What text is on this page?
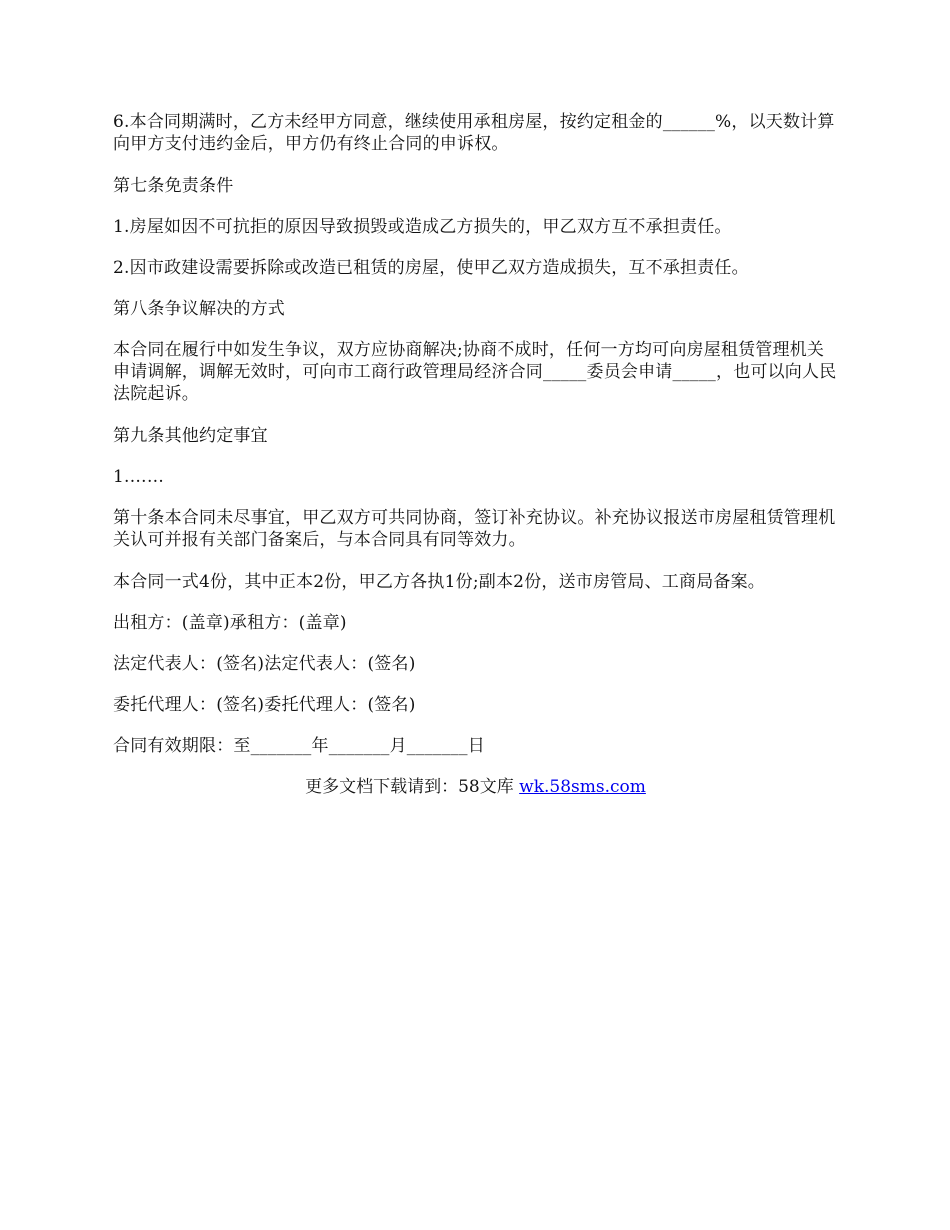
6.本合同期满时，乙方未经甲方同意，继续使用承租房屋，按约定租金的______%，以天数计算向甲方支付违约金后，甲方仍有终止合同的申诉权。

第七条免责条件

1.房屋如因不可抗拒的原因导致损毁或造成乙方损失的，甲乙双方互不承担责任。

2.因市政建设需要拆除或改造已租赁的房屋，使甲乙双方造成损失，互不承担责任。

第八条争议解决的方式

本合同在履行中如发生争议，双方应协商解决;协商不成时，任何一方均可向房屋租赁管理机关申请调解，调解无效时，可向市工商行政管理局经济合同_____委员会申请_____，也可以向人民法院起诉。

第九条其他约定事宜

1.……

第十条本合同未尽事宜，甲乙双方可共同协商，签订补充协议。补充协议报送市房屋租赁管理机关认可并报有关部门备案后，与本合同具有同等效力。

本合同一式4份，其中正本2份，甲乙方各执1份;副本2份，送市房管局、工商局备案。

出租方：(盖章)承租方：(盖章)

法定代表人：(签名)法定代表人：(签名)

委托代理人：(签名)委托代理人：(签名)

合同有效期限：至_______年_______月_______日

更多文档下载请到：58文库 wk.58sms.com
